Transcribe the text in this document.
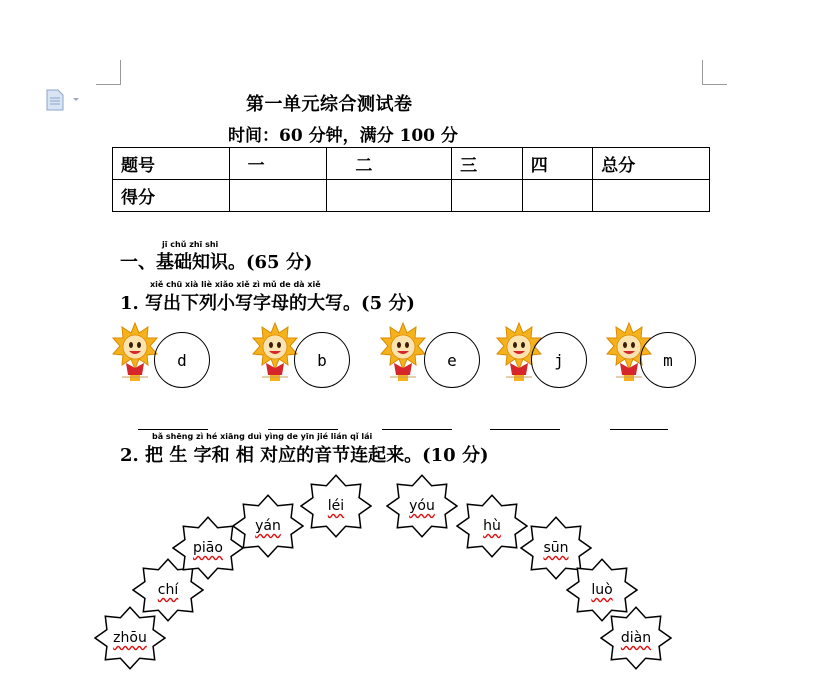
第一单元综合测试卷
时间：60 分钟，满分 100 分
题号	一	二	三	四	总分
得分					
jī chǔ zhī shi
一、基础知识。(65 分)
xiě chū xià liè xiǎo xiě zì mǔ de dà xiě
1. 写出下列小写字母的大写。(5 分)
d	b	e	j	m
bǎ shēng zì hé xiāng duì yìng de yīn jié lián qǐ lái
2. 把 生 字和 相 对应的音节连起来。(10 分)
zhōu
chí
piāo
yán
léi	yóu
hù
sūn
luò
diàn
